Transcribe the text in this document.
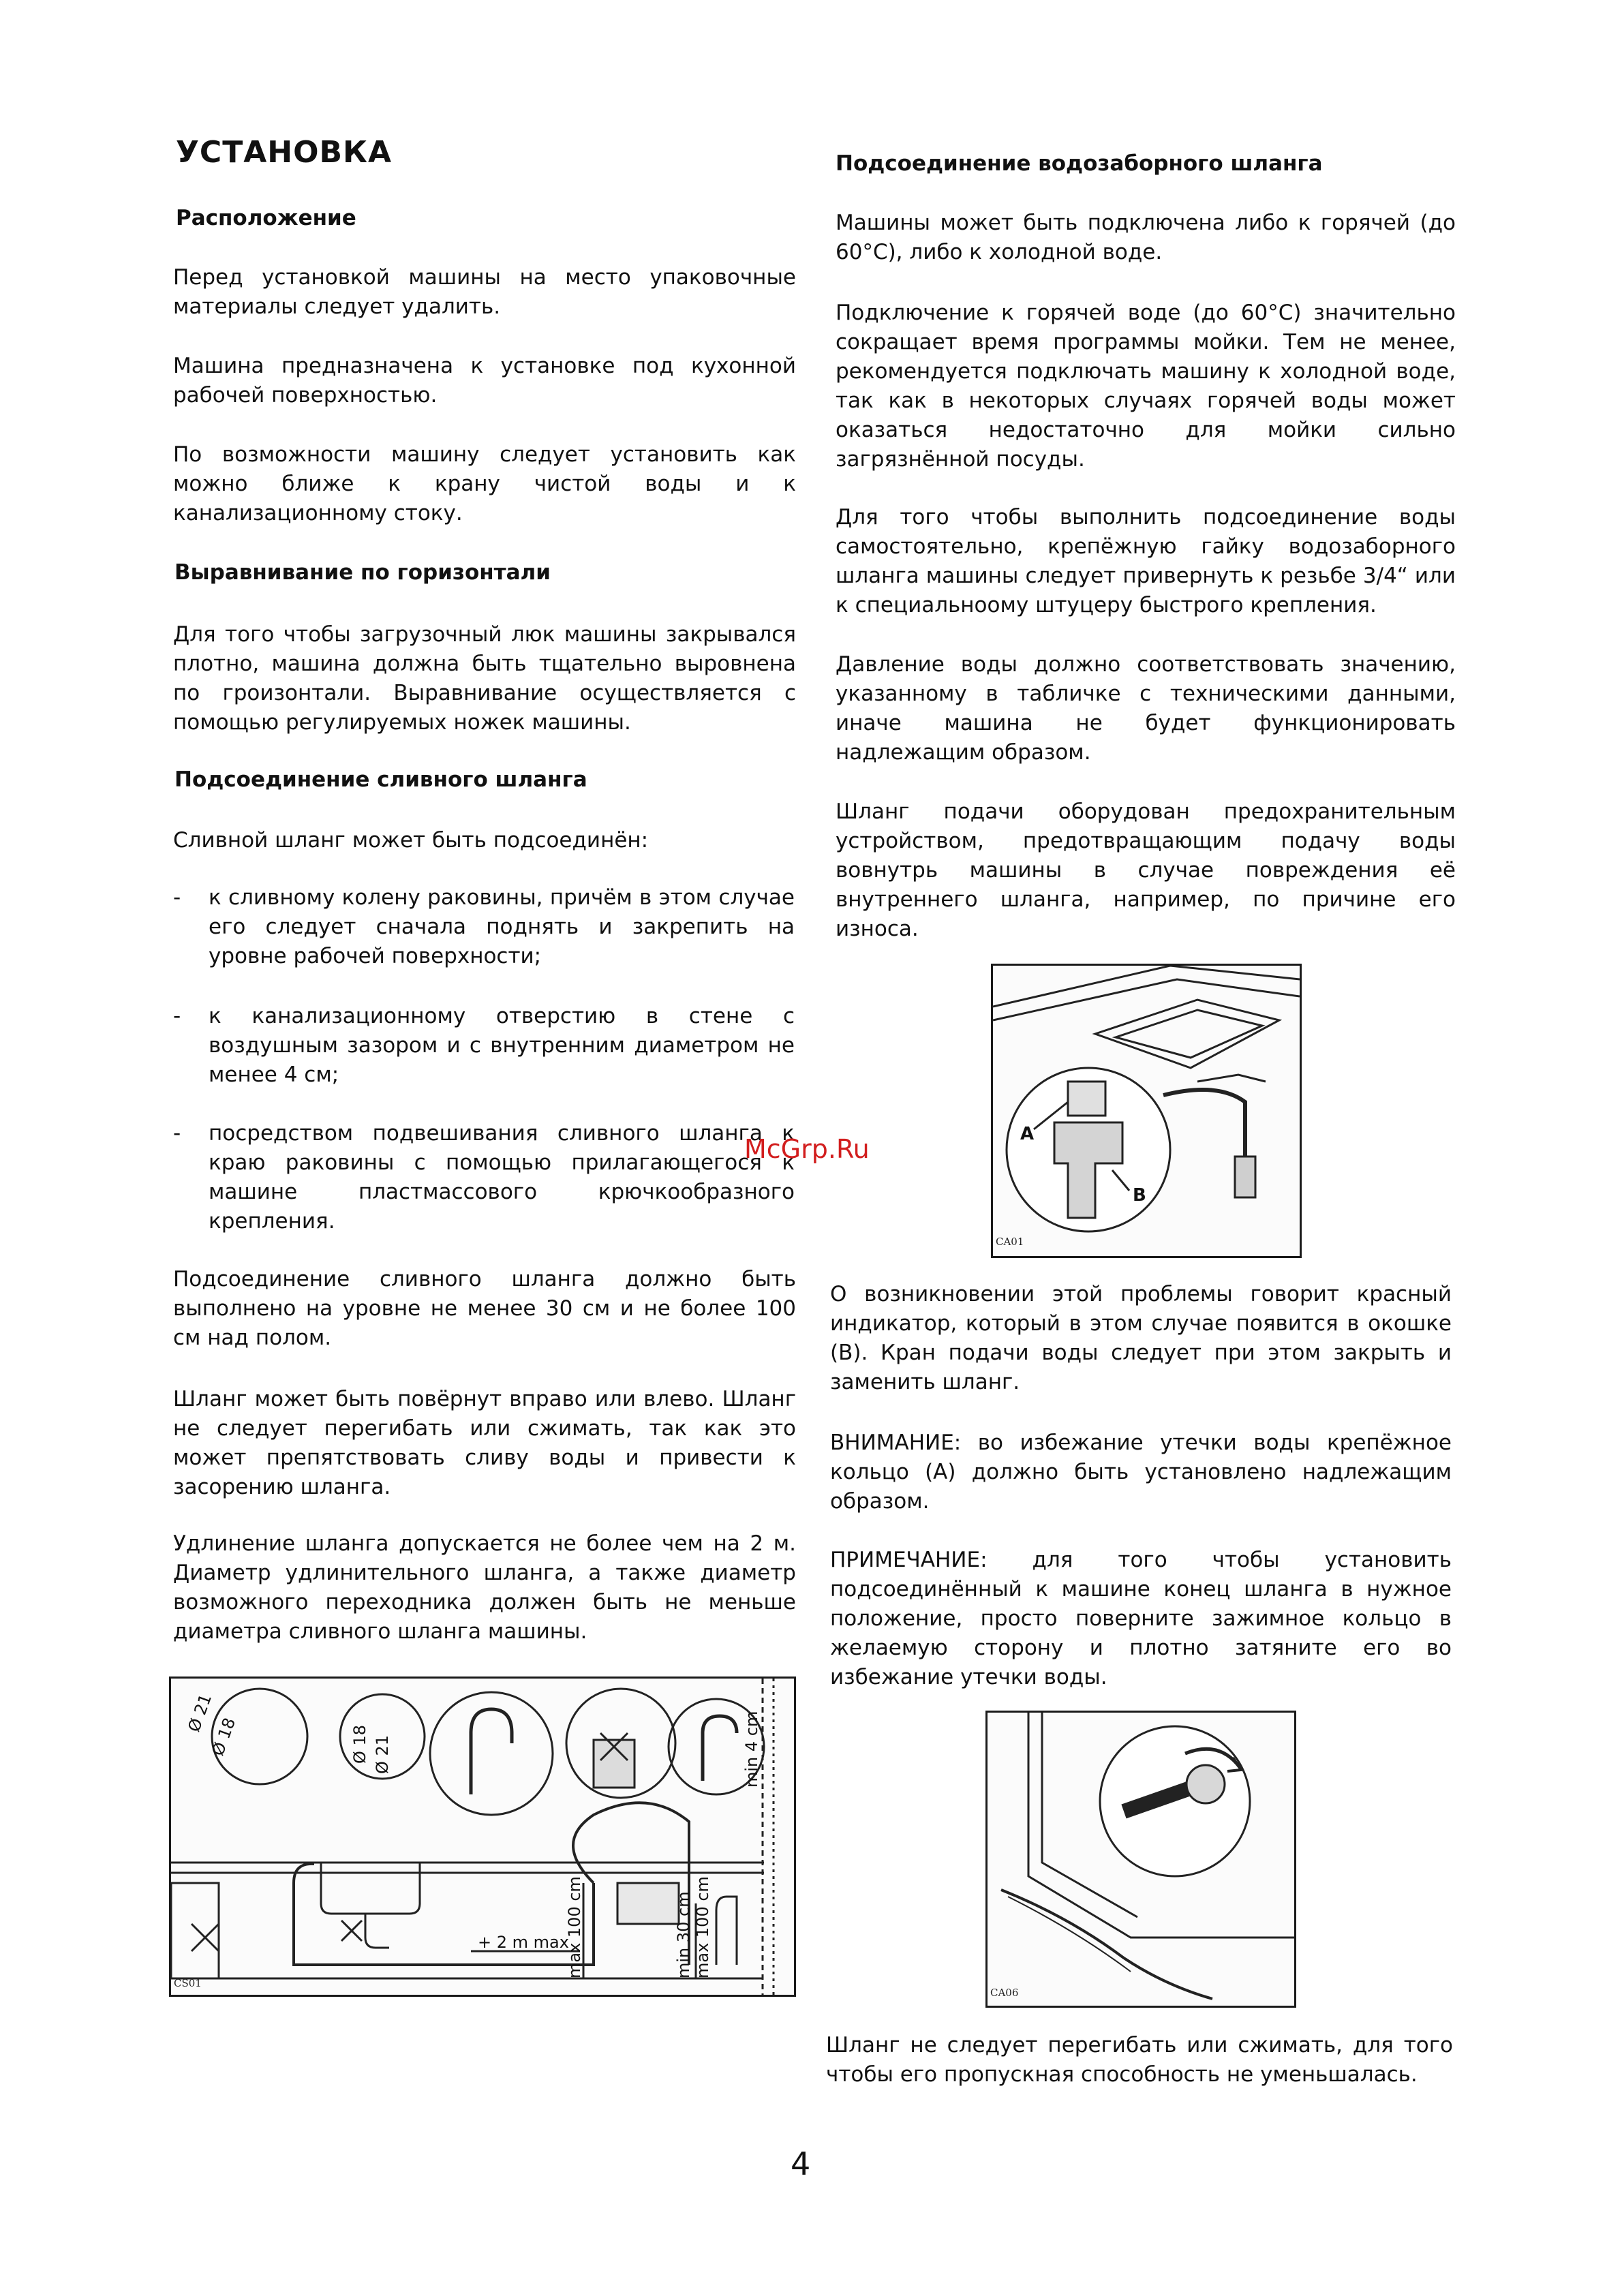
УСТАНОВКА
Расположение
Перед установкой машины на место упаковочные материалы следует удалить.
Машина предназначена к установке под кухонной рабочей поверхностью.
По возможности машину следует установить как можно ближе к крану чистой воды и к канализационному стоку.
Выравнивание по горизонтали
Для того чтобы загрузочный люк машины закрывался плотно, машина должна быть тщательно выровнена по гроизонтали. Выравнивание осуществляется с помощью регулируемых ножек машины.
Подсоединение сливного шланга
Сливной шланг может быть подсоединён:
- к сливному колену раковины, причём в этом случае его следует сначала поднять и закрепить на уровне рабочей поверхности;
- к канализационному отверстию в стене с воздушным зазором и с внутренним диаметром не менее 4 см;
- посредством подвешивания сливного шланга к краю раковины с помощью прилагающегося к машине пластмассового крючкообразного крепления.
Подсоединение сливного шланга должно быть выполнено на уровне не менее 30 см и не более 100 см над полом.
Шланг может быть повёрнут вправо или влево. Шланг не следует перегибать или сжимать, так как это может препятствовать сливу воды и привести к засорению шланга.
Удлинение шланга допускается не более чем на 2 м. Диаметр удлинительного шланга, а также диаметр возможного переходника должен быть не меньше диаметра сливного шланга машины.
Ø 21
Ø 18	Ø 18 Ø 21	min 4 cm
+ 2 m max
max 100 cm	min 30 cm max 100 cm
CS01
Подсоединение водозаборного шланга
Машины может быть подключена либо к горячей (до 60°С), либо к холодной воде.
Подключение к горячей воде (до 60°С) значительно сокращает время программы мойки. Тем не менее, рекомендуется подключать машину к холодной воде, так как в некоторых случаях горячей воды может оказаться недостаточно для мойки сильно загрязнённой посуды.
Для того чтобы выполнить подсоединение воды самостоятельно, крепёжную гайку водозаборного шланга машины следует привернуть к резьбе 3/4“ или к специальноому штуцеру быстрого крепления.
Давление воды должно соответствовать значению, указанному в табличке с техническими данными, иначе машина не будет функционировать надлежащим образом.
Шланг подачи оборудован предохранительным устройством, предотвращающим подачу воды вовнутрь машины в случае повреждения её внутреннего шланга, например, по причине его износа.
A
B
CA01
О возникновении этой проблемы говорит красный индикатор, который в этом случае появится в окошке (В). Кран подачи воды следует при этом закрыть и заменить шланг.
ВНИМАНИЕ: во избежание утечки воды крепёжное кольцо (А) должно быть установлено надлежащим образом.
ПРИМЕЧАНИЕ: для того чтобы установить подсоединённый к машине конец шланга в нужное положение, просто поверните зажимное кольцо в желаемую сторону и плотно затяните его во избежание утечки воды.
CA06
Шланг не следует перегибать или сжимать, для того чтобы его пропускная способность не уменьшалась.
McGrp.Ru
4
